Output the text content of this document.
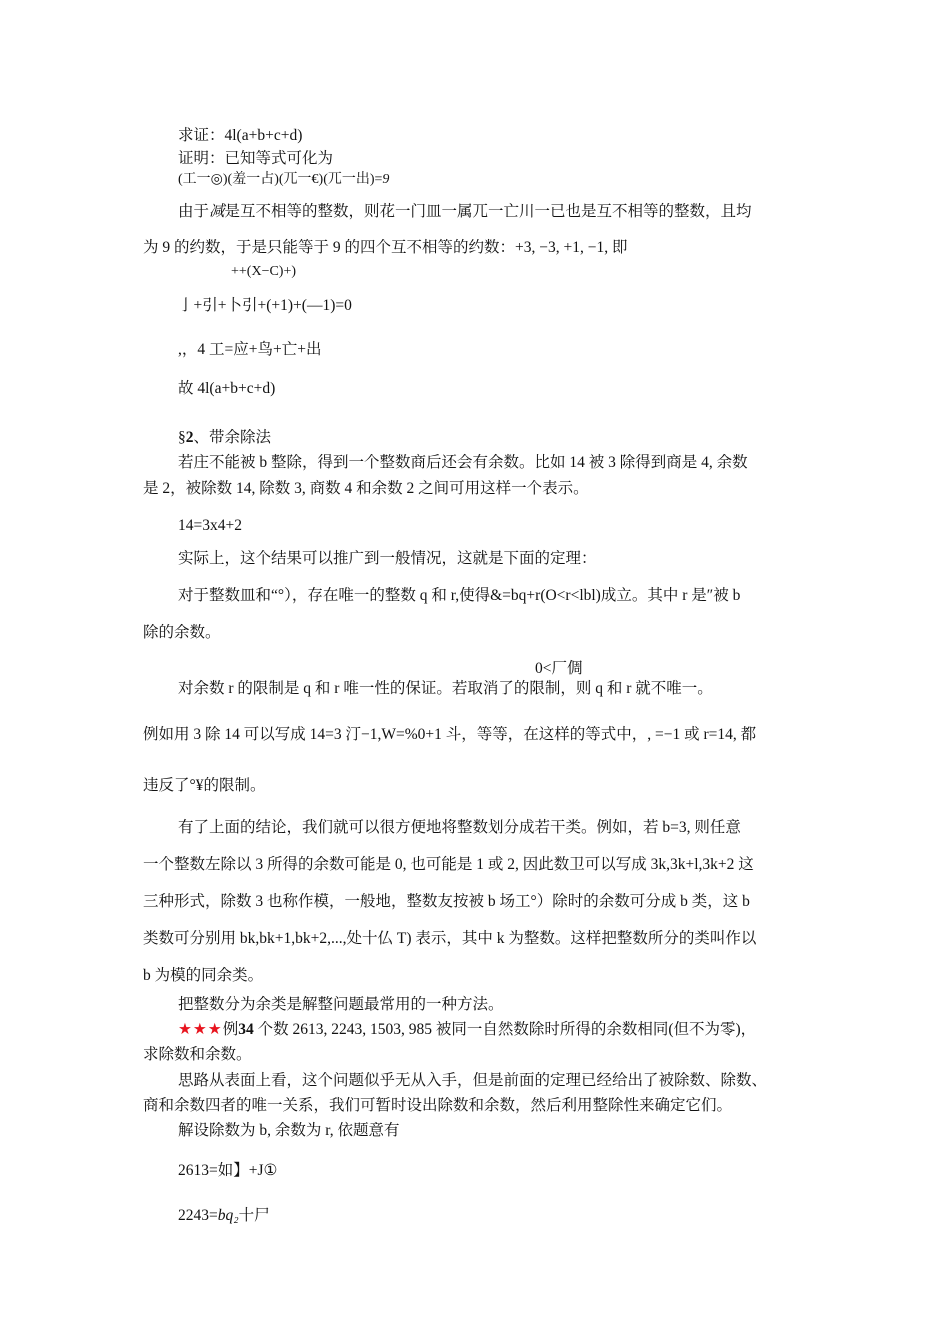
求证：4l(a+b+c+d)
证明：已知等式可化为
(工一◎)(羞一占)(兀一€)(兀一出)=9
由于减是互不相等的整数，则花一门皿一属兀一亡川一已也是互不相等的整数，且均
为 9 的约数，于是只能等于 9 的四个互不相等的约数：+3, −3, +1, −1, 即
++(X−C)+)
亅+引+卜引+(+1)+(—1)=0
,，4 工=应+鸟+亡+出
故 4l(a+b+c+d)
§2、带余除法
若庄不能被 b 整除，得到一个整数商后还会有余数。比如 14 被 3 除得到商是 4, 余数
是 2，被除数 14, 除数 3, 商数 4 和余数 2 之间可用这样一个表示。
14=3x4+2
实际上，这个结果可以推广到一般情况，这就是下面的定理：
对于整数皿和“°），存在唯一的整数 q 和 r,使得&=bq+r(O<r<lbl)成立。其中 r 是″被 b
除的余数。
0<厂倜
对余数 r 的限制是 q 和 r 唯一性的保证。若取消了的限制，则 q 和 r 就不唯一。
例如用 3 除 14 可以写成 14=3 汀−1,W=%0+1 斗，等等，在这样的等式中，, =−1 或 r=14, 都
违反了°¥的限制。
有了上面的结论，我们就可以很方便地将整数划分成若干类。例如，若 b=3, 则任意
一个整数左除以 3 所得的余数可能是 0, 也可能是 1 或 2, 因此数卫可以写成 3k,3k+l,3k+2 这
三种形式，除数 3 也称作模，一般地，整数友按被 b 场工°）除时的余数可分成 b 类，这 b
类数可分别用 bk,bk+1,bk+2,...,处十仏 T) 表示，其中 k 为整数。这样把整数所分的类叫作以
b 为模的同余类。
把整数分为余类是解整问题最常用的一种方法。
★★★例34 个数 2613, 2243, 1503, 985 被同一自然数除时所得的余数相同(但不为零)，
求除数和余数。
思路从表面上看，这个问题似乎无从入手，但是前面的定理已经给出了被除数、除数、
商和余数四者的唯一关系，我们可暂时设出除数和余数，然后利用整除性来确定它们。
解设除数为 b, 余数为 r, 依题意有
2613=如】+J①
2243=bq₂十尸
